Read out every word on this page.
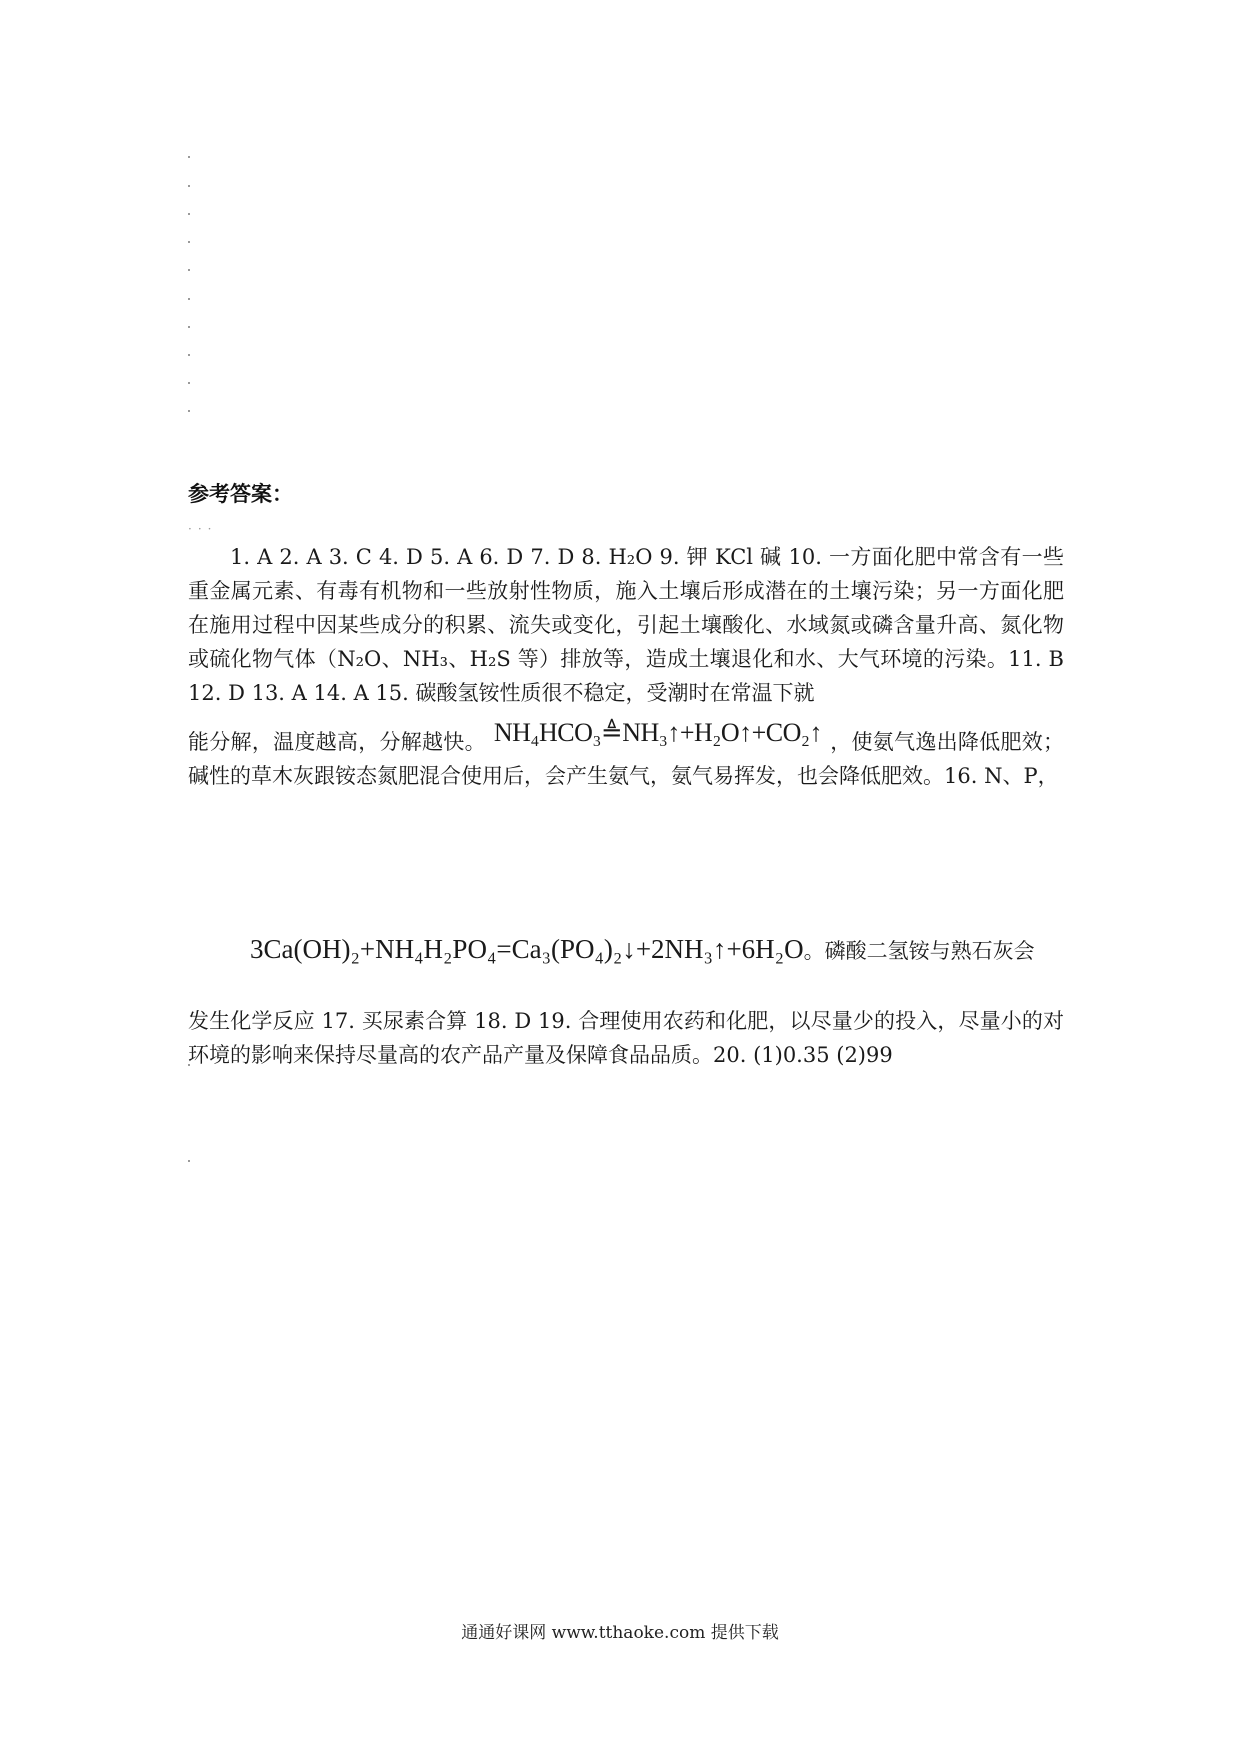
参考答案：
···

1. A 2. A 3. C 4. D 5. A 6. D 7. D 8. H₂O 9. 钾 KCl 碱 10. 一方面化肥中常含有一些重金属元素、有毒有机物和一些放射性物质，施入土壤后形成潜在的土壤污染；另一方面化肥在施用过程中因某些成分的积累、流失或变化，引起土壤酸化、水域氮或磷含量升高、氮化物或硫化物气体（N₂O、NH₃、H₂S 等）排放等，造成土壤退化和水、大气环境的污染。11. B 12. D 13. A 14. A 15. 碳酸氢铵性质很不稳定，受潮时在常温下就

能分解，温度越高，分解越快。 NH₄HCO₃≜NH₃↑+H₂O↑+CO₂↑ ，使氨气逸出降低肥效；碱性的草木灰跟铵态氮肥混合使用后，会产生氨气，氨气易挥发，也会降低肥效。16. N、P，

3Ca(OH)₂+NH₄H₂PO₄=Ca₃(PO₄)₂↓+2NH₃↑+6H₂O。磷酸二氢铵与熟石灰会

发生化学反应 17. 买尿素合算 18. D 19. 合理使用农药和化肥，以尽量少的投入，尽量小的对环境的影响来保持尽量高的农产品产量及保障食品品质。20. (1)0.35 (2)99

通通好课网 www.tthaoke.com 提供下载
